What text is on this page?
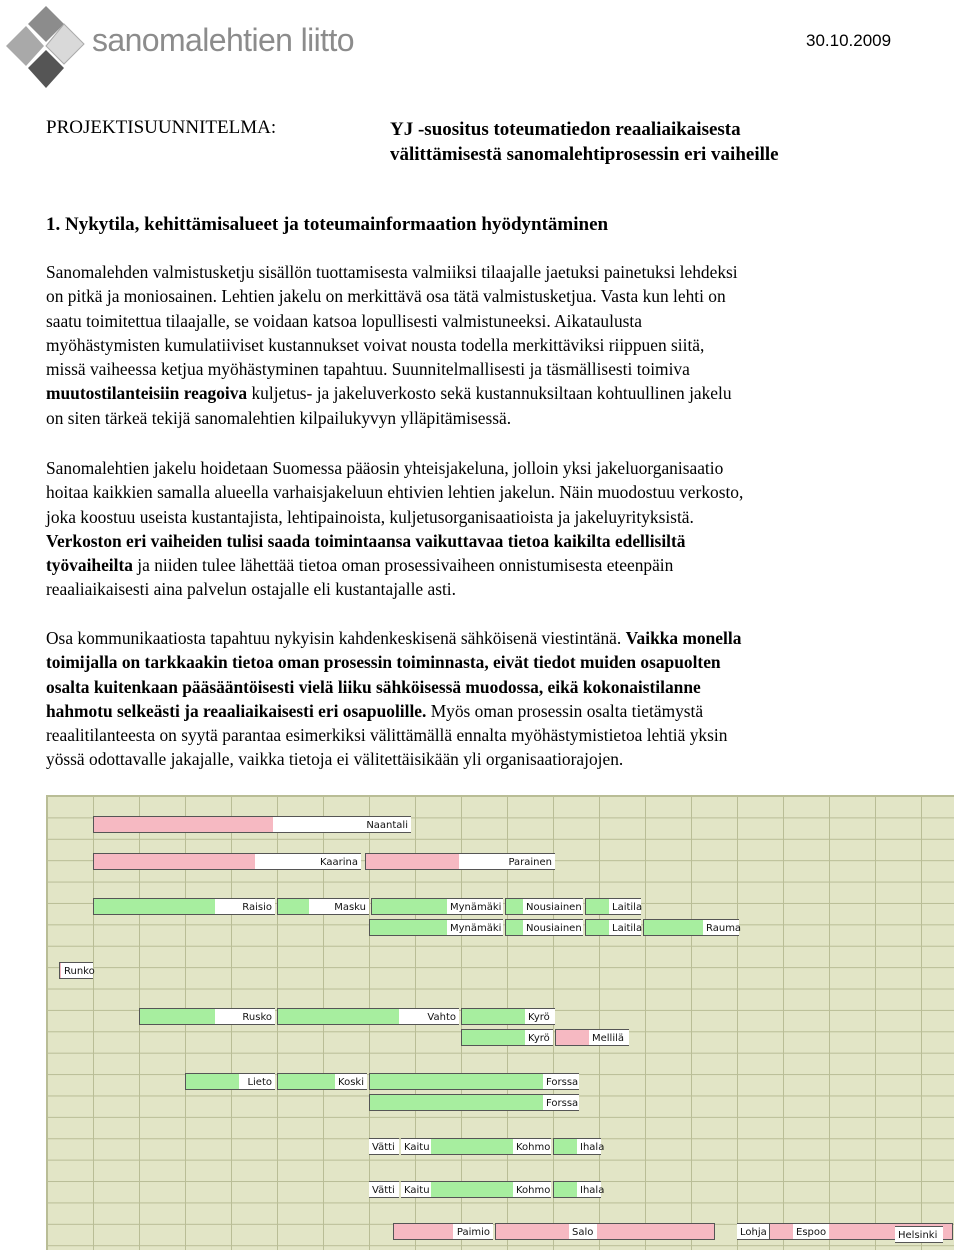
sanomalehtien liitto	30.10.2009
PROJEKTISUUNNITELMA:	YJ -suositus toteumatiedon reaaliaikaisesta
välittämisestä sanomalehtiprosessin eri vaiheille
1. Nykytila, kehittämisalueet ja toteumainformaation hyödyntäminen
Sanomalehden valmistusketju sisällön tuottamisesta valmiiksi tilaajalle jaetuksi painetuksi lehdeksi
on pitkä ja moniosainen. Lehtien jakelu on merkittävä osa tätä valmistusketjua. Vasta kun lehti on
saatu toimitettua tilaajalle, se voidaan katsoa lopullisesti valmistuneeksi. Aikataulusta
myöhästymisten kumulatiiviset kustannukset voivat nousta todella merkittäviksi riippuen siitä,
missä vaiheessa ketjua myöhästyminen tapahtuu. Suunnitelmallisesti ja täsmällisesti toimiva
muutostilanteisiin reagoiva kuljetus- ja jakeluverkosto sekä kustannuksiltaan kohtuullinen jakelu
on siten tärkeä tekijä sanomalehtien kilpailukyvyn ylläpitämisessä.
Sanomalehtien jakelu hoidetaan Suomessa pääosin yhteisjakeluna, jolloin yksi jakeluorganisaatio
hoitaa kaikkien samalla alueella varhaisjakeluun ehtivien lehtien jakelun. Näin muodostuu verkosto,
joka koostuu useista kustantajista, lehtipainoista, kuljetusorganisaatioista ja jakeluyrityksistä.
Verkoston eri vaiheiden tulisi saada toimintaansa vaikuttavaa tietoa kaikilta edellisiltä
työvaiheilta ja niiden tulee lähettää tietoa oman prosessivaiheen onnistumisesta eteenpäin
reaaliaikaisesti aina palvelun ostajalle eli kustantajalle asti.
Osa kommunikaatiosta tapahtuu nykyisin kahdenkeskisenä sähköisenä viestintänä. Vaikka monella
toimijalla on tarkkaakin tietoa oman prosessin toiminnasta, eivät tiedot muiden osapuolten
osalta kuitenkaan pääsääntöisesti vielä liiku sähköisessä muodossa, eikä kokonaistilanne
hahmotu selkeästi ja reaaliaikaisesti eri osapuolille. Myös oman prosessin osalta tietämystä
reaalitilanteesta on syytä parantaa esimerkiksi välittämällä ennalta myöhästymistietoa lehtiä yksin
yössä odottavalle jakajalle, vaikka tietoja ei välitettäisikään yli organisaatiorajojen.
Naantali
Kaarina	Parainen
Raisio	Masku	Mynämäki	Nousiainen	Laitila
Mynämäki	Nousiainen	Laitila	Rauma
Runko
Rusko	Vahto	Kyrö
Kyrö	Mellilä
Lieto	Koski	Forssa
Forssa
Vätti Kaitu	Kohmo	Ihala
Vätti Kaitu	Kohmo	Ihala
Paimio	Salo	Lohja	Espoo	Helsinki
